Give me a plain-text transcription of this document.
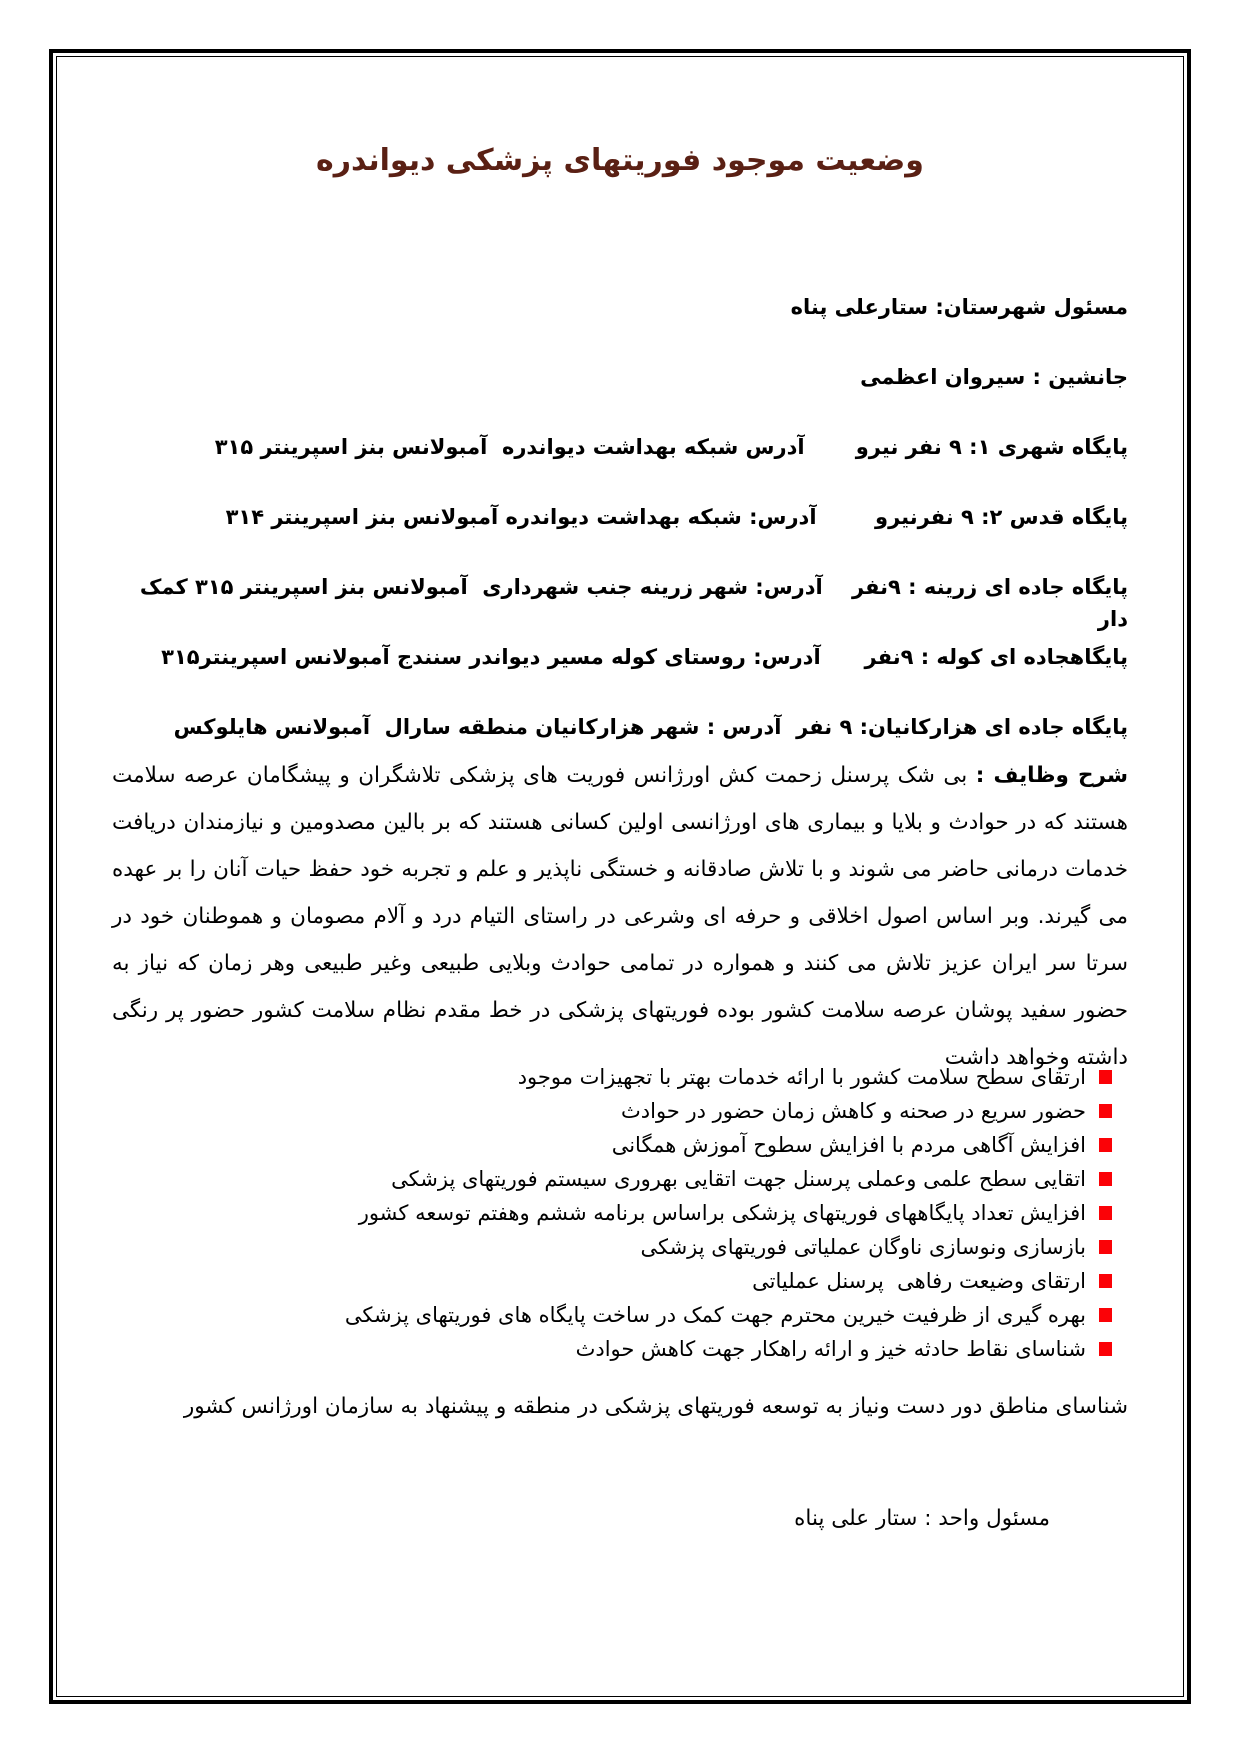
وضعیت موجود فوریتهای پزشکی دیواندره
مسئول شهرستان: ستارعلی پناه
جانشین : سیروان اعظمی
پایگاه شهری ۱: ۹ نفر نیرو       آدرس شبکه بهداشت دیواندره  آمبولانس بنز اسپرینتر ۳۱۵
پایگاه قدس ۲: ۹ نفرنیرو        آدرس: شبکه بهداشت دیواندره آمبولانس بنز اسپرینتر ۳۱۴
پایگاه جاده ای زرینه : ۹نفر    آدرس: شهر زرینه جنب شهرداری  آمبولانس بنز اسپرینتر ۳۱۵ کمک دار
پایگاهجاده ای کوله : ۹نفر      آدرس: روستای کوله مسیر دیواندر سنندج آمبولانس اسپرینتر۳۱۵
پایگاه جاده ای هزارکانیان: ۹ نفر  آدرس : شهر هزارکانیان منطقه سارال  آمبولانس هایلوکس

شرح وظایف : بی شک پرسنل زحمت کش اورژانس فوریت های پزشکی تلاشگران و پیشگامان عرصه سلامت هستند که در حوادث و بلایا و بیماری های اورژانسی اولین کسانی هستند که بر بالین مصدومین و نیازمندان دریافت خدمات درمانی حاضر می شوند و با تلاش صادقانه و خستگی ناپذیر و علم و تجربه خود حفظ حیات آنان را بر عهده می گیرند. وبر اساس اصول اخلاقی و حرفه ای وشرعی در راستای التیام درد و آلام مصومان و هموطنان خود در سرتا سر ایران عزیز تلاش می کنند و همواره در تمامی حوادث وبلایی طبیعی وغیر طبیعی وهر زمان که نیاز به حضور سفید پوشان عرصه سلامت کشور بوده فوریتهای پزشکی در خط مقدم نظام سلامت کشور حضور پر رنگی داشته وخواهد داشت

ارتقای سطح سلامت کشور با ارائه خدمات بهتر با تجهیزات موجود
حضور سریع در صحنه و کاهش زمان حضور در حوادث
افزایش آگاهی مردم با افزایش سطوح آموزش همگانی
اتقایی سطح علمی وعملی پرسنل جهت اتقایی بهروری سیستم فوریتهای پزشکی
افزایش تعداد پایگاههای فوریتهای پزشکی براساس برنامه ششم وهفتم توسعه کشور
بازسازی ونوسازی ناوگان عملیاتی فوریتهای پزشکی
ارتقای وضیعت رفاهی  پرسنل عملیاتی
بهره گیری از ظرفیت خیرین محترم جهت کمک در ساخت پایگاه های فوریتهای پزشکی
شناسای نقاط حادثه خیز و ارائه راهکار جهت کاهش حوادث
شناسای مناطق دور دست ونیاز به توسعه فوریتهای پزشکی در منطقه و پیشنهاد به سازمان اورژانس کشور
مسئول واحد : ستار علی پناه
